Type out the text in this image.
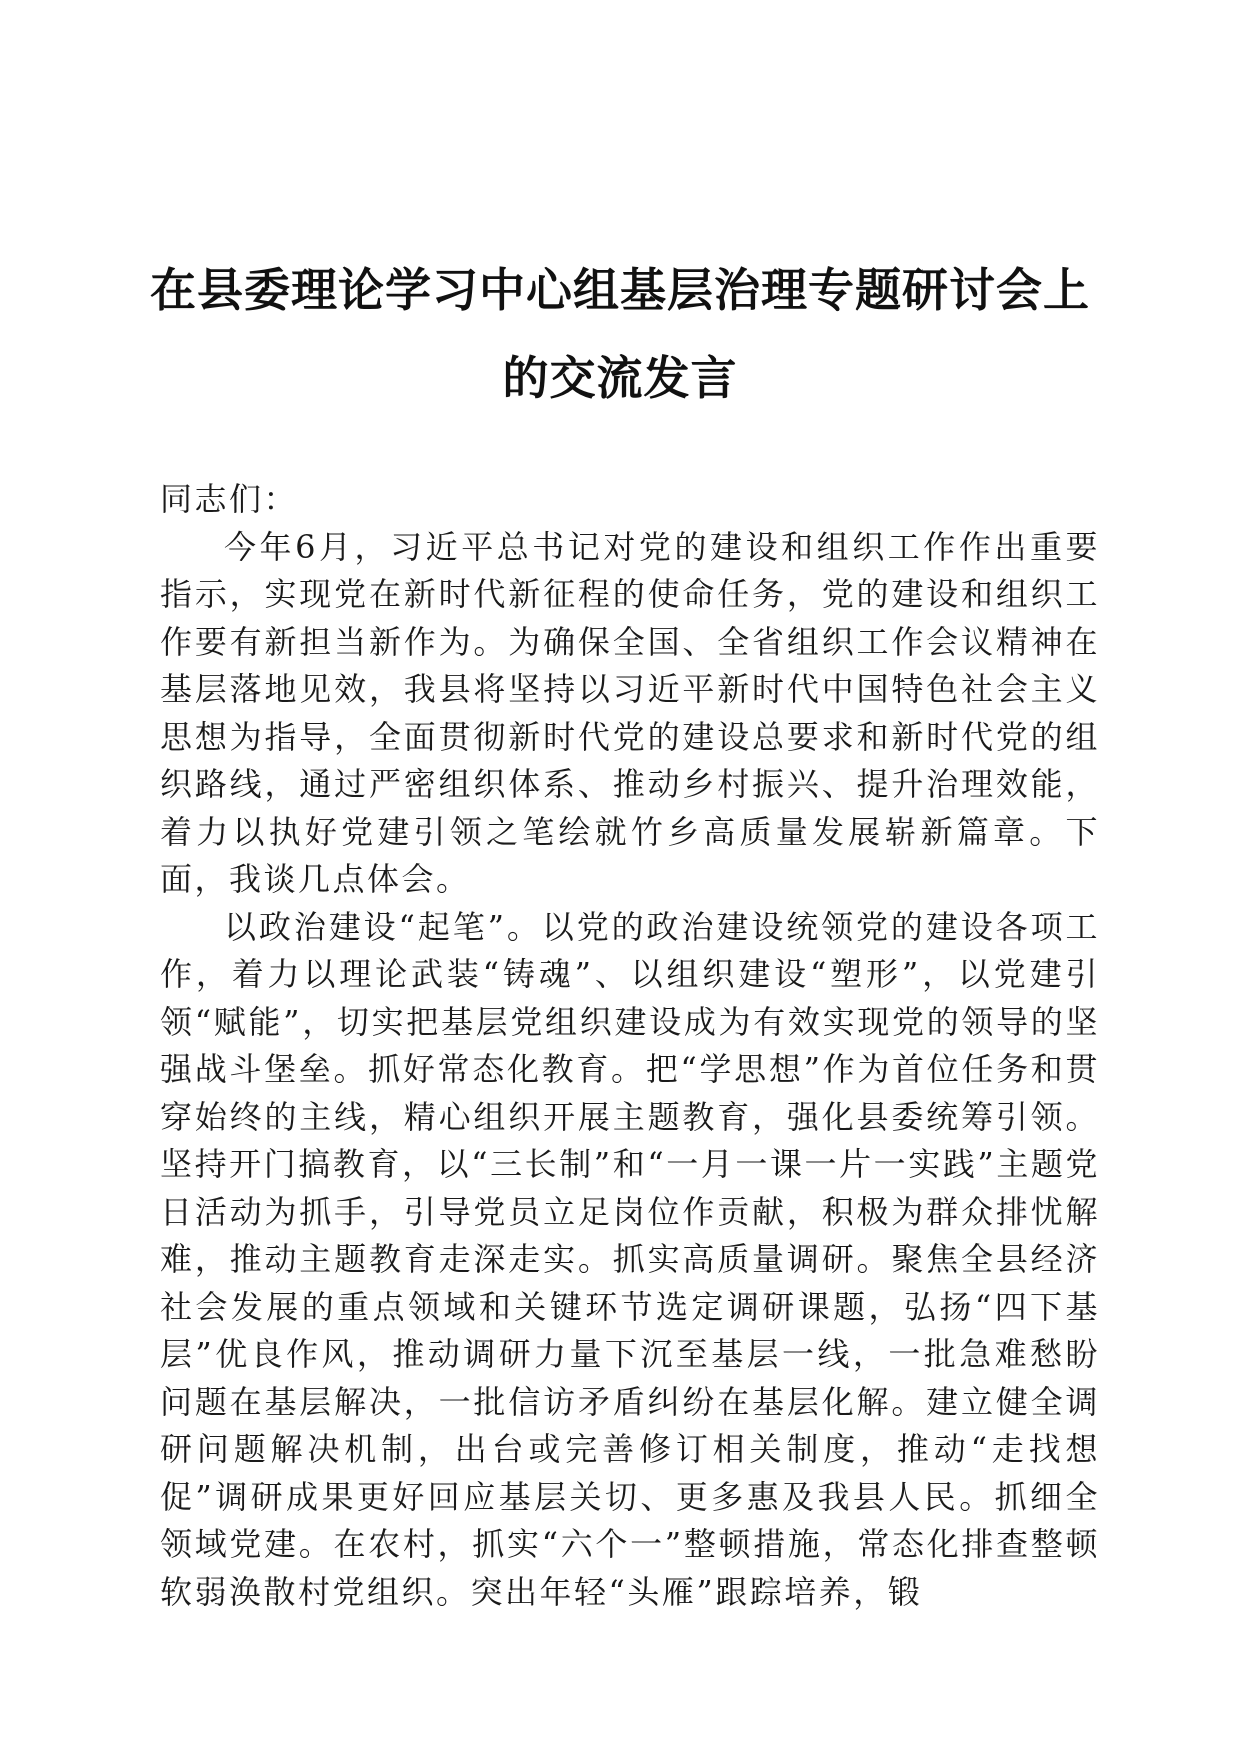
在县委理论学习中心组基层治理专题研讨会上
的交流发言

同志们：

今年6月，习近平总书记对党的建设和组织工作作出重要指示，实现党在新时代新征程的使命任务，党的建设和组织工作要有新担当新作为。为确保全国、全省组织工作会议精神在基层落地见效，我县将坚持以习近平新时代中国特色社会主义思想为指导，全面贯彻新时代党的建设总要求和新时代党的组织路线，通过严密组织体系、推动乡村振兴、提升治理效能，着力以执好党建引领之笔绘就竹乡高质量发展崭新篇章。下面，我谈几点体会。

以政治建设“起笔”。以党的政治建设统领党的建设各项工作，着力以理论武装“铸魂”、以组织建设“塑形”，以党建引领“赋能”，切实把基层党组织建设成为有效实现党的领导的坚强战斗堡垒。抓好常态化教育。把“学思想”作为首位任务和贯穿始终的主线，精心组织开展主题教育，强化县委统筹引领。坚持开门搞教育，以“三长制”和“一月一课一片一实践”主题党日活动为抓手，引导党员立足岗位作贡献，积极为群众排忧解难，推动主题教育走深走实。抓实高质量调研。聚焦全县经济社会发展的重点领域和关键环节选定调研课题，弘扬“四下基层”优良作风，推动调研力量下沉至基层一线，一批急难愁盼问题在基层解决，一批信访矛盾纠纷在基层化解。建立健全调研问题解决机制，出台或完善修订相关制度，推动“走找想促”调研成果更好回应基层关切、更多惠及我县人民。抓细全领域党建。在农村，抓实“六个一”整顿措施，常态化排查整顿软弱涣散村党组织。突出年轻“头雁”跟踪培养，锻
